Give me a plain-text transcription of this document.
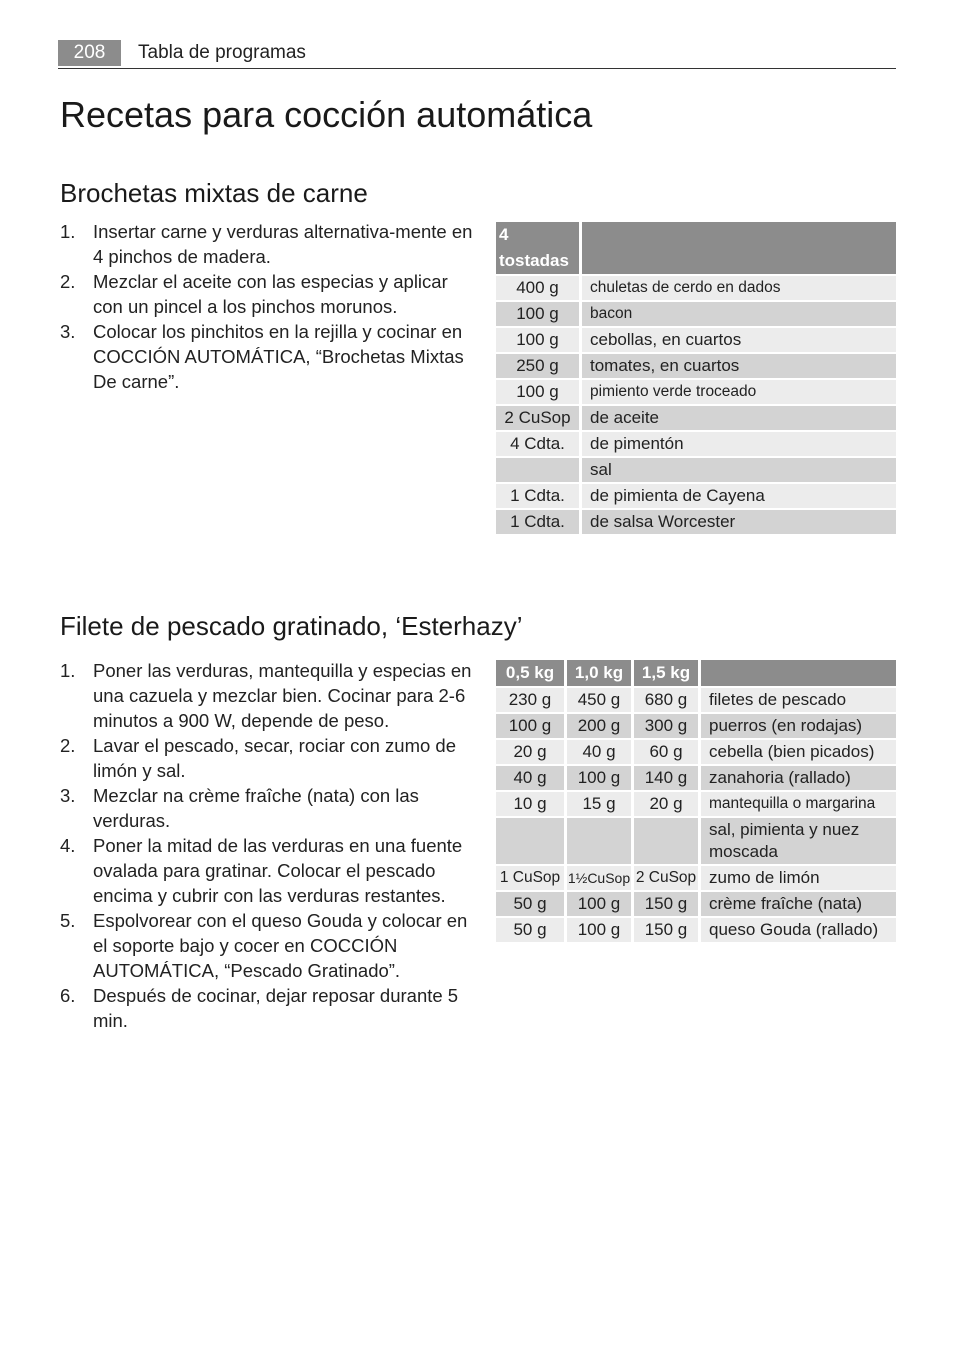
208	Tabla de programas
Recetas para cocción automática
Brochetas mixtas de carne
1. Insertar carne y verduras alternativa-mente en 4 pinchos de madera.
2. Mezclar el aceite con las especias y aplicar con un pincel a los pinchos morunos.
3. Colocar los pinchitos en la rejilla y cocinar en COCCIÓN AUTOMÁTICA, “Brochetas Mixtas De carne”.
4 tostadas	
400 g	chuletas de cerdo en dados
100 g	bacon
100 g	cebollas, en cuartos
250 g	tomates, en cuartos
100 g	pimiento verde troceado
2 CuSop	de aceite
4 Cdta.	de pimentón
	sal
1 Cdta.	de pimienta de Cayena
1 Cdta.	de salsa Worcester
Filete de pescado gratinado, ‘Esterhazy’
1. Poner las verduras, mantequilla y especias en una cazuela y mezclar bien. Cocinar para 2-6 minutos a 900 W, depende de peso.
2. Lavar el pescado, secar, rociar con zumo de limón y sal.
3. Mezclar na crème fraîche (nata) con las verduras.
4. Poner la mitad de las verduras en una fuente ovalada para gratinar. Colocar el pescado encima y cubrir con las verduras restantes.
5. Espolvorear con el queso Gouda y colocar en el soporte bajo y cocer en COCCIÓN AUTOMÁTICA, “Pescado Gratinado”.
6. Después de cocinar, dejar reposar durante 5 min.
0,5 kg	1,0 kg	1,5 kg	
230 g	450 g	680 g	filetes de pescado
100 g	200 g	300 g	puerros (en rodajas)
20 g	40 g	60 g	cebella (bien picados)
40 g	100 g	140 g	zanahoria (rallado)
10 g	15 g	20 g	mantequilla o margarina
			sal, pimienta y nuez moscada
1 CuSop	1½CuSop	2 CuSop	zumo de limón
50 g	100 g	150 g	crème fraîche (nata)
50 g	100 g	150 g	queso Gouda (rallado)
